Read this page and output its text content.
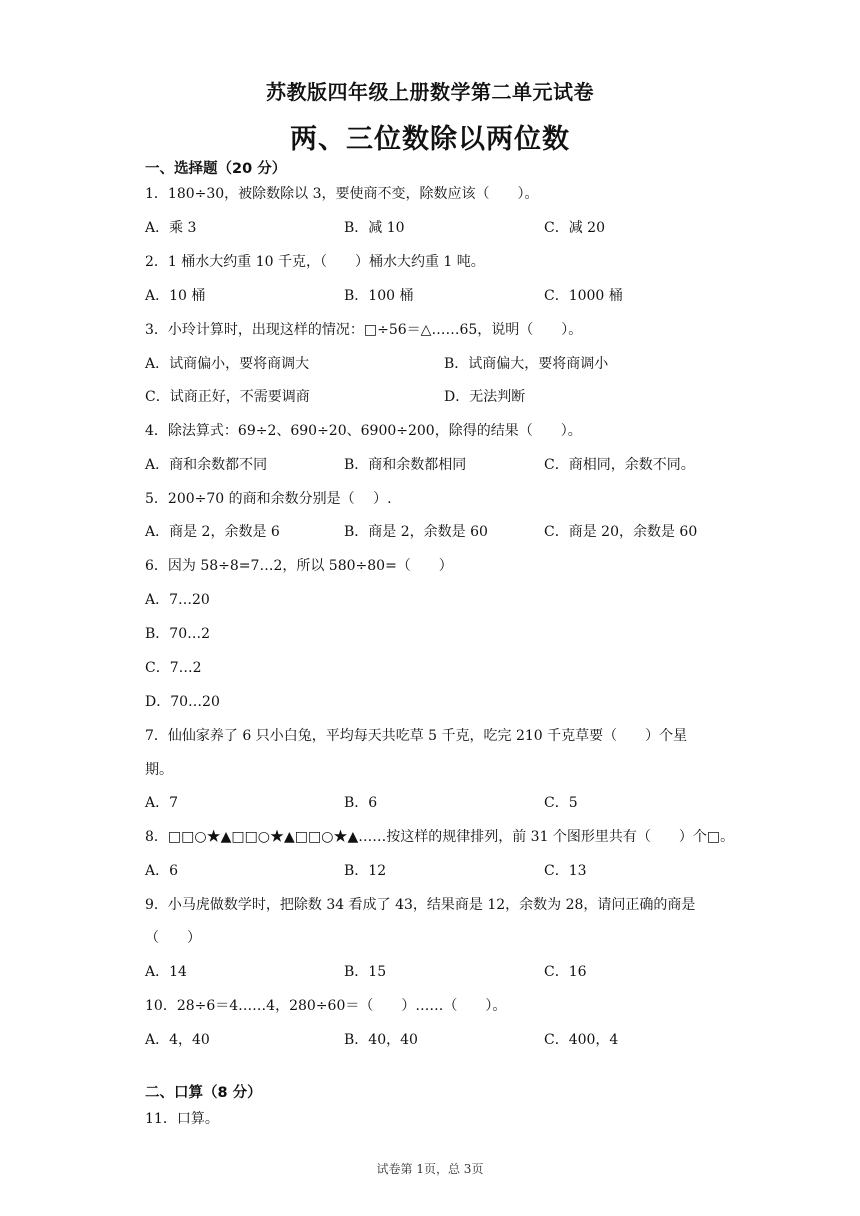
苏教版四年级上册数学第二单元试卷
两、三位数除以两位数
一、选择题（20 分）
1．180÷30，被除数除以 3，要使商不变，除数应该（　　）。
A．乘 3	B．减 10	C．减 20
2．1 桶水大约重 10 千克，（　　）桶水大约重 1 吨。
A．10 桶	B．100 桶	C．1000 桶
3．小玲计算时，出现这样的情况：□÷56＝△……65，说明（　　）。
A．试商偏小，要将商调大	B．试商偏大，要将商调小
C．试商正好，不需要调商	D．无法判断
4．除法算式：69÷2、690÷20、6900÷200，除得的结果（　　）。
A．商和余数都不同	B．商和余数都相同	C．商相同，余数不同。
5．200÷70 的商和余数分别是（　 ）.
A．商是 2，余数是 6	B．商是 2，余数是 60	C．商是 20，余数是 60
6．因为 58÷8=7…2，所以 580÷80=（　　）
A．7…20
B．70…2
C．7…2
D．70…20
7．仙仙家养了 6 只小白兔，平均每天共吃草 5 千克，吃完 210 千克草要（　　）个星
期。
A．7	B．6	C．5
8．□□○★▲□□○★▲□□○★▲……按这样的规律排列，前 31 个图形里共有（　　）个□。
A．6	B．12	C．13
9．小马虎做数学时，把除数 34 看成了 43，结果商是 12，余数为 28，请问正确的商是
（　　）
A．14	B．15	C．16
10．28÷6＝4……4，280÷60＝（　　）……（　　）。
A．4，40	B．40，40	C．400，4
二、口算（8 分）
11．口算。
试卷第 1页，总 3页
